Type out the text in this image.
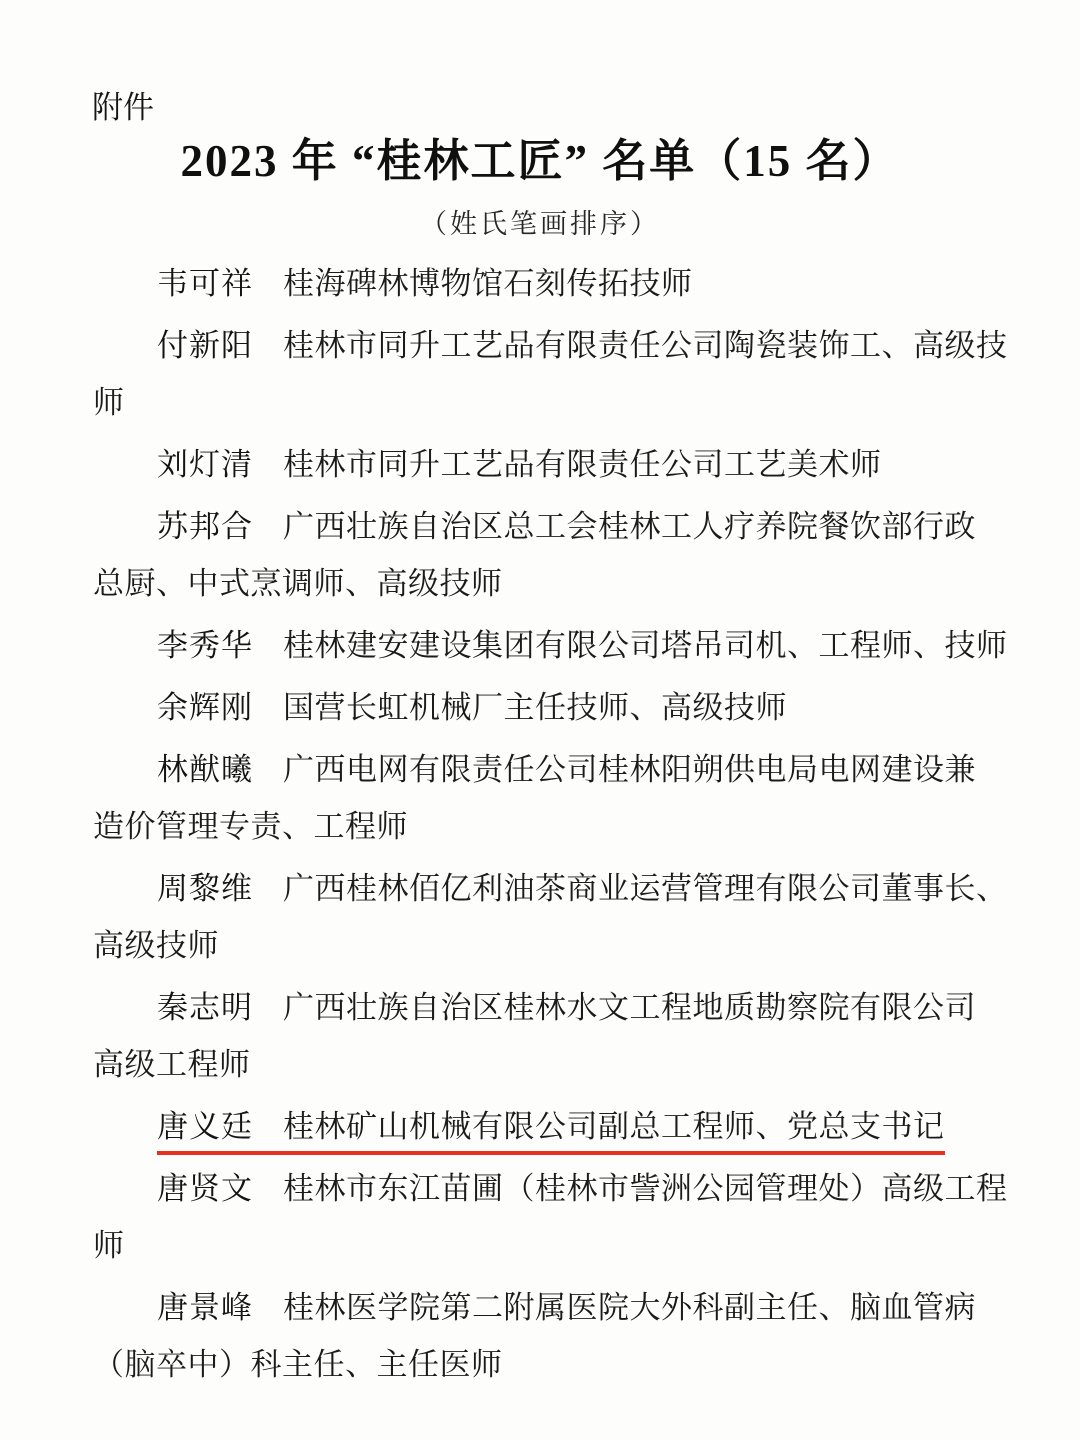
附件
2023 年 “桂林工匠” 名单（15 名）
（姓氏笔画排序）
韦可祥 桂海碑林博物馆石刻传拓技师
付新阳 桂林市同升工艺品有限责任公司陶瓷装饰工、高级技
师
刘灯清 桂林市同升工艺品有限责任公司工艺美术师
苏邦合 广西壮族自治区总工会桂林工人疗养院餐饮部行政
总厨、中式烹调师、高级技师
李秀华 桂林建安建设集团有限公司塔吊司机、工程师、技师
余辉刚 国营长虹机械厂主任技师、高级技师
林猷曦 广西电网有限责任公司桂林阳朔供电局电网建设兼
造价管理专责、工程师
周黎维 广西桂林佰亿利油茶商业运营管理有限公司董事长、
高级技师
秦志明 广西壮族自治区桂林水文工程地质勘察院有限公司
高级工程师
唐义廷 桂林矿山机械有限公司副总工程师、党总支书记
唐贤文 桂林市东江苗圃（桂林市訾洲公园管理处）高级工程
师
唐景峰 桂林医学院第二附属医院大外科副主任、脑血管病
（脑卒中）科主任、主任医师
